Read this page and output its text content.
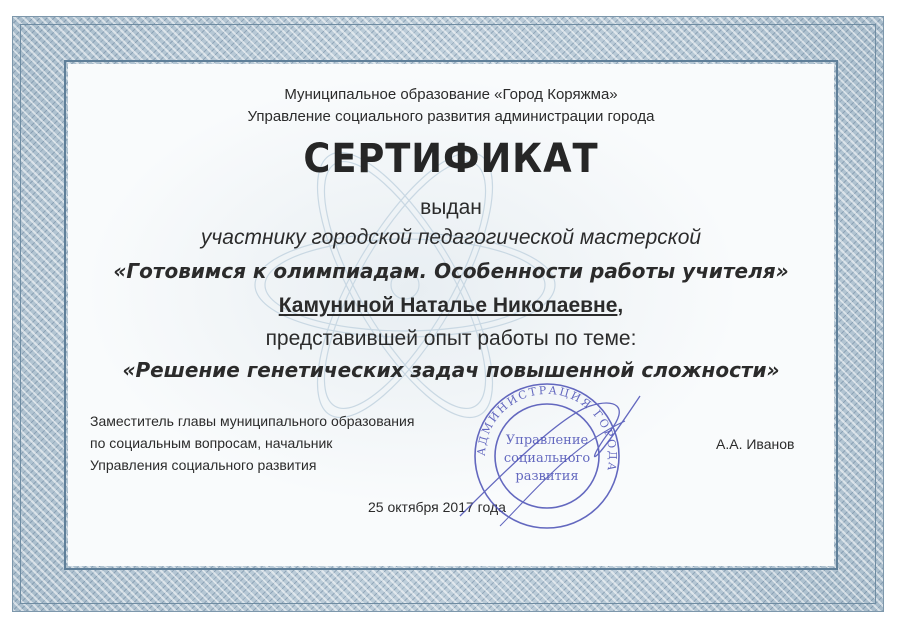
Муниципальное образование «Город Коряжма»
Управление социального развития администрации города
СЕРТИФИКАТ
выдан
участнику городской педагогической мастерской
«Готовимся к олимпиадам. Особенности работы учителя»
Камуниной Наталье Николаевне,
представившей опыт работы по теме:
«Решение генетических задач повышенной сложности»
Заместитель главы муниципального образования
по социальным вопросам, начальник
Управления социального развития
А.А. Иванов
25 октября 2017 года
АДМИНИСТРАЦИЯ ГОРОДА
Управление
социального
развития
